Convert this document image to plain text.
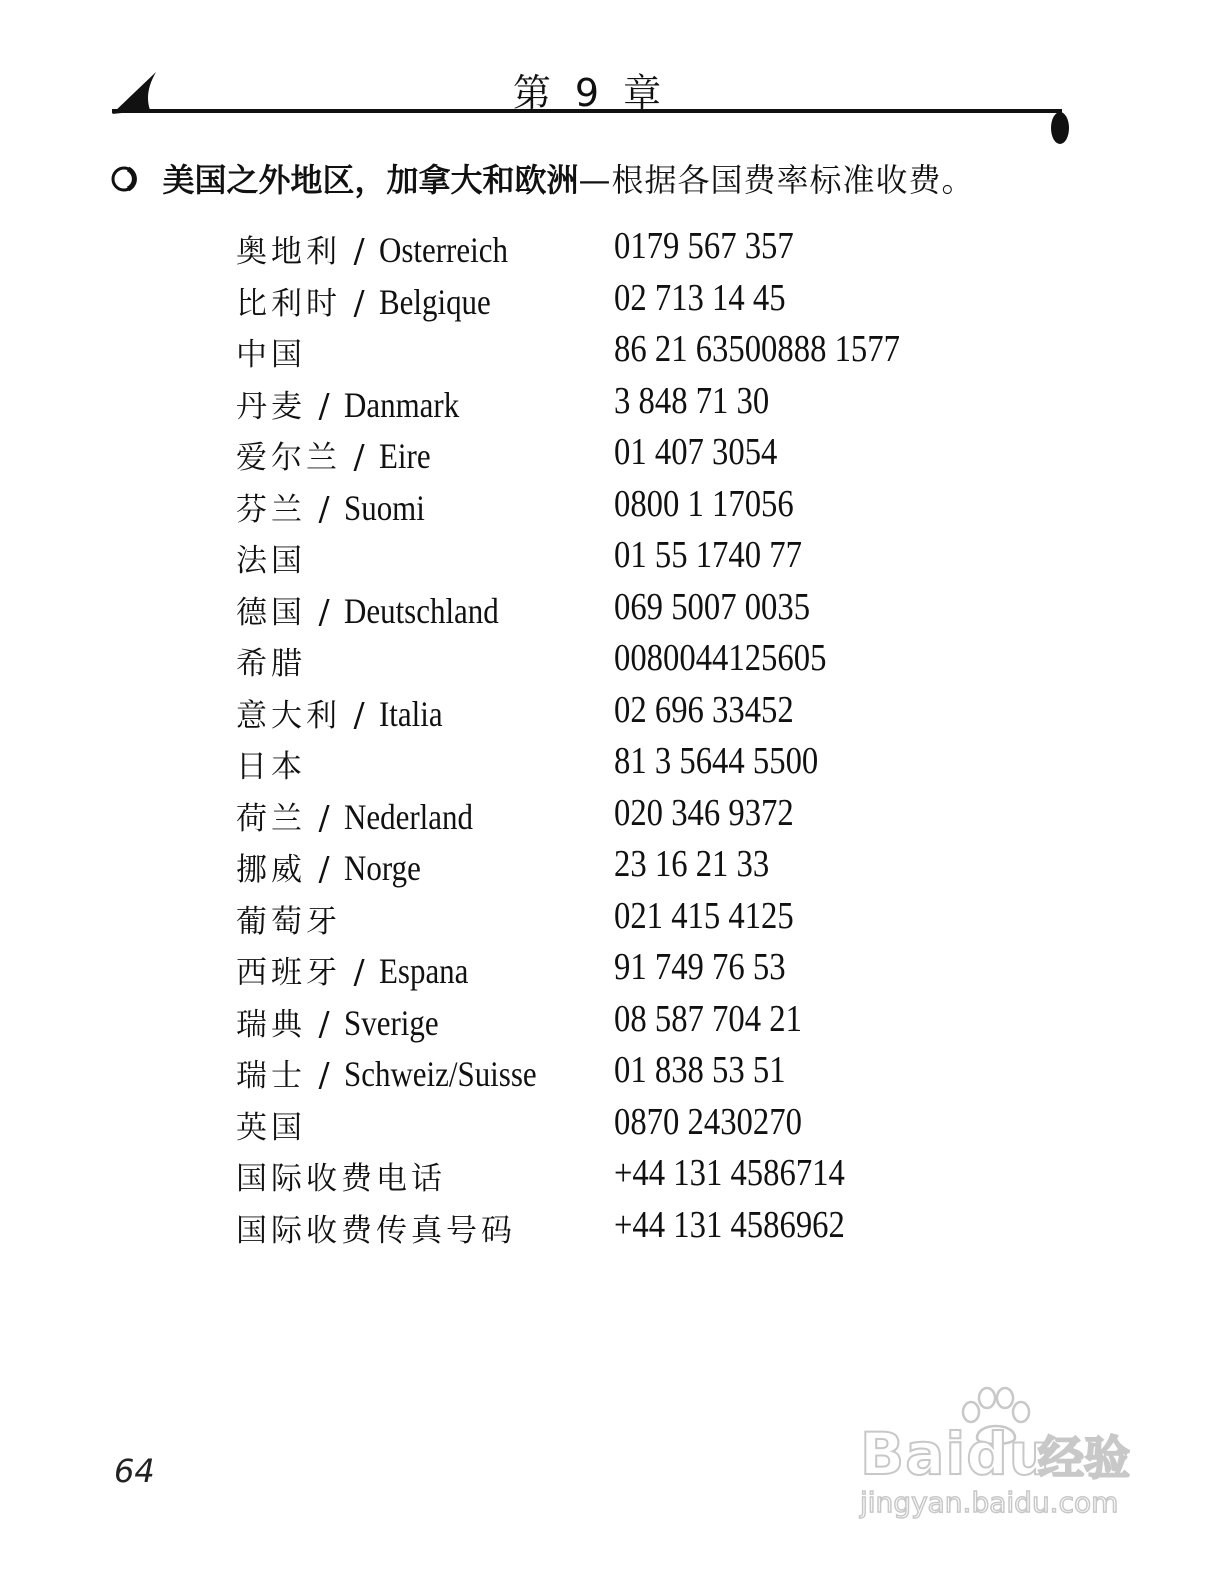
第 9 章
美国之外地区，加拿大和欧洲—根据各国费率标准收费。
奥地利 / Osterreich	0179 567 357
比利时 / Belgique	02 713 14 45
中国	86 21 63500888 1577
丹麦 / Danmark	3 848 71 30
爱尔兰 / Eire	01 407 3054
芬兰 / Suomi	0800 1 17056
法国	01 55 1740 77
德国 / Deutschland	069 5007 0035
希腊	0080044125605
意大利 / Italia	02 696 33452
日本	81 3 5644 5500
荷兰 / Nederland	020 346 9372
挪威 / Norge	23 16 21 33
葡萄牙	021 415 4125
西班牙 / Espana	91 749 76 53
瑞典 / Sverige	08 587 704 21
瑞士 / Schweiz/Suisse	01 838 53 51
英国	0870 2430270
国际收费电话	+44 131 4586714
国际收费传真号码	+44 131 4586962
64	Baidu
经验
jingyan.baidu.com
